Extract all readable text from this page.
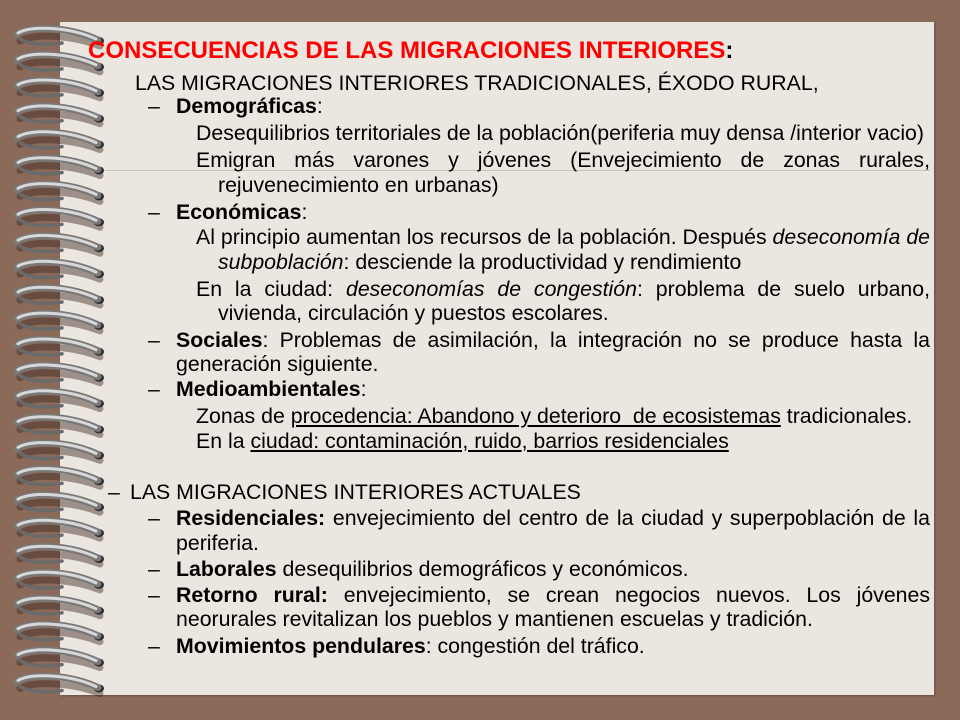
CONSECUENCIAS DE LAS MIGRACIONES INTERIORES:
LAS MIGRACIONES INTERIORES TRADICIONALES, ÉXODO RURAL,
– Demográficas:
Desequilibrios territoriales de la población(periferia muy densa /interior vacio)
Emigran más varones y jóvenes (Envejecimiento de zonas rurales,
rejuvenecimiento en urbanas)
– Económicas:
Al principio aumentan los recursos de la población. Después deseconomía de
subpoblación: desciende la productividad y rendimiento
En la ciudad: deseconomías de congestión: problema de suelo urbano,
vivienda, circulación y puestos escolares.
– Sociales: Problemas de asimilación, la integración no se produce hasta la
generación siguiente.
– Medioambientales:
Zonas de procedencia: Abandono y deterioro  de ecosistemas tradicionales.
En la ciudad: contaminación, ruido, barrios residenciales
– LAS MIGRACIONES INTERIORES ACTUALES
– Residenciales: envejecimiento del centro de la ciudad y superpoblación de la
periferia.
– Laborales desequilibrios demográficos y económicos.
– Retorno rural: envejecimiento, se crean negocios nuevos. Los jóvenes
neorurales revitalizan los pueblos y mantienen escuelas y tradición.
– Movimientos pendulares: congestión del tráfico.
